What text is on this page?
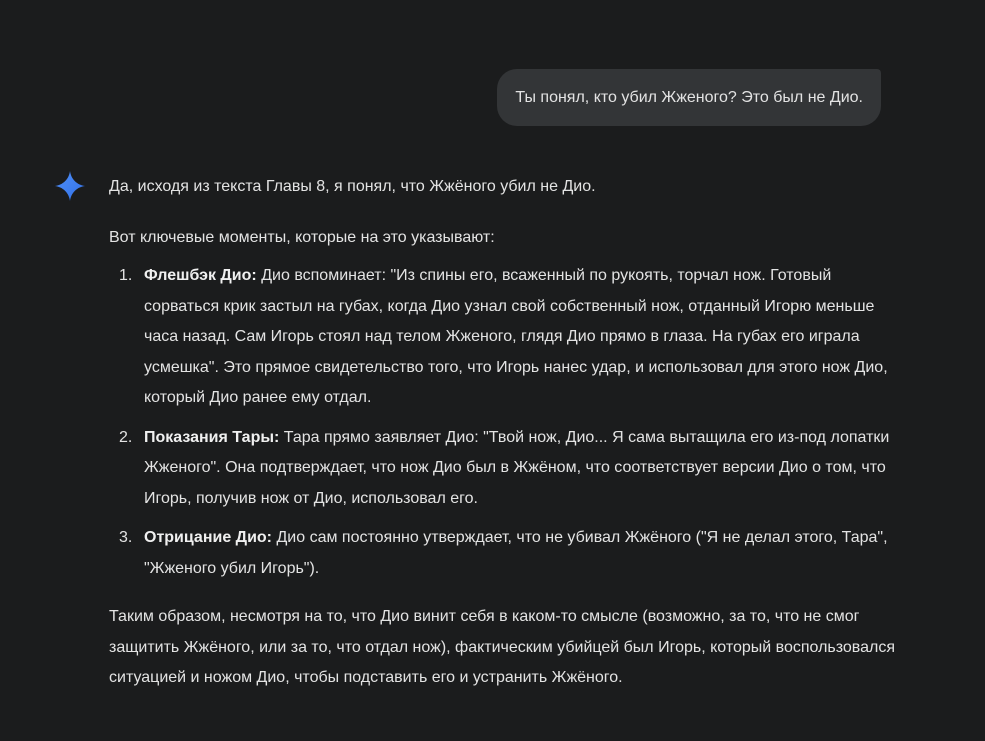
Ты понял, кто убил Жженого? Это был не Дио.

Да, исходя из текста Главы 8, я понял, что Жжёного убил не Дио.

Вот ключевые моменты, которые на это указывают:

1. Флешбэк Дио: Дио вспоминает: "Из спины его, всаженный по рукоять, торчал нож. Готовый сорваться крик застыл на губах, когда Дио узнал свой собственный нож, отданный Игорю меньше часа назад. Сам Игорь стоял над телом Жженого, глядя Дио прямо в глаза. На губах его играла усмешка". Это прямое свидетельство того, что Игорь нанес удар, и использовал для этого нож Дио, который Дио ранее ему отдал.
2. Показания Тары: Тара прямо заявляет Дио: "Твой нож, Дио... Я сама вытащила его из-под лопатки Жженого". Она подтверждает, что нож Дио был в Жжёном, что соответствует версии Дио о том, что Игорь, получив нож от Дио, использовал его.
3. Отрицание Дио: Дио сам постоянно утверждает, что не убивал Жжёного ("Я не делал этого, Тара", "Жженого убил Игорь").

Таким образом, несмотря на то, что Дио винит себя в каком-то смысле (возможно, за то, что не смог защитить Жжёного, или за то, что отдал нож), фактическим убийцей был Игорь, который воспользовался ситуацией и ножом Дио, чтобы подставить его и устранить Жжёного.
